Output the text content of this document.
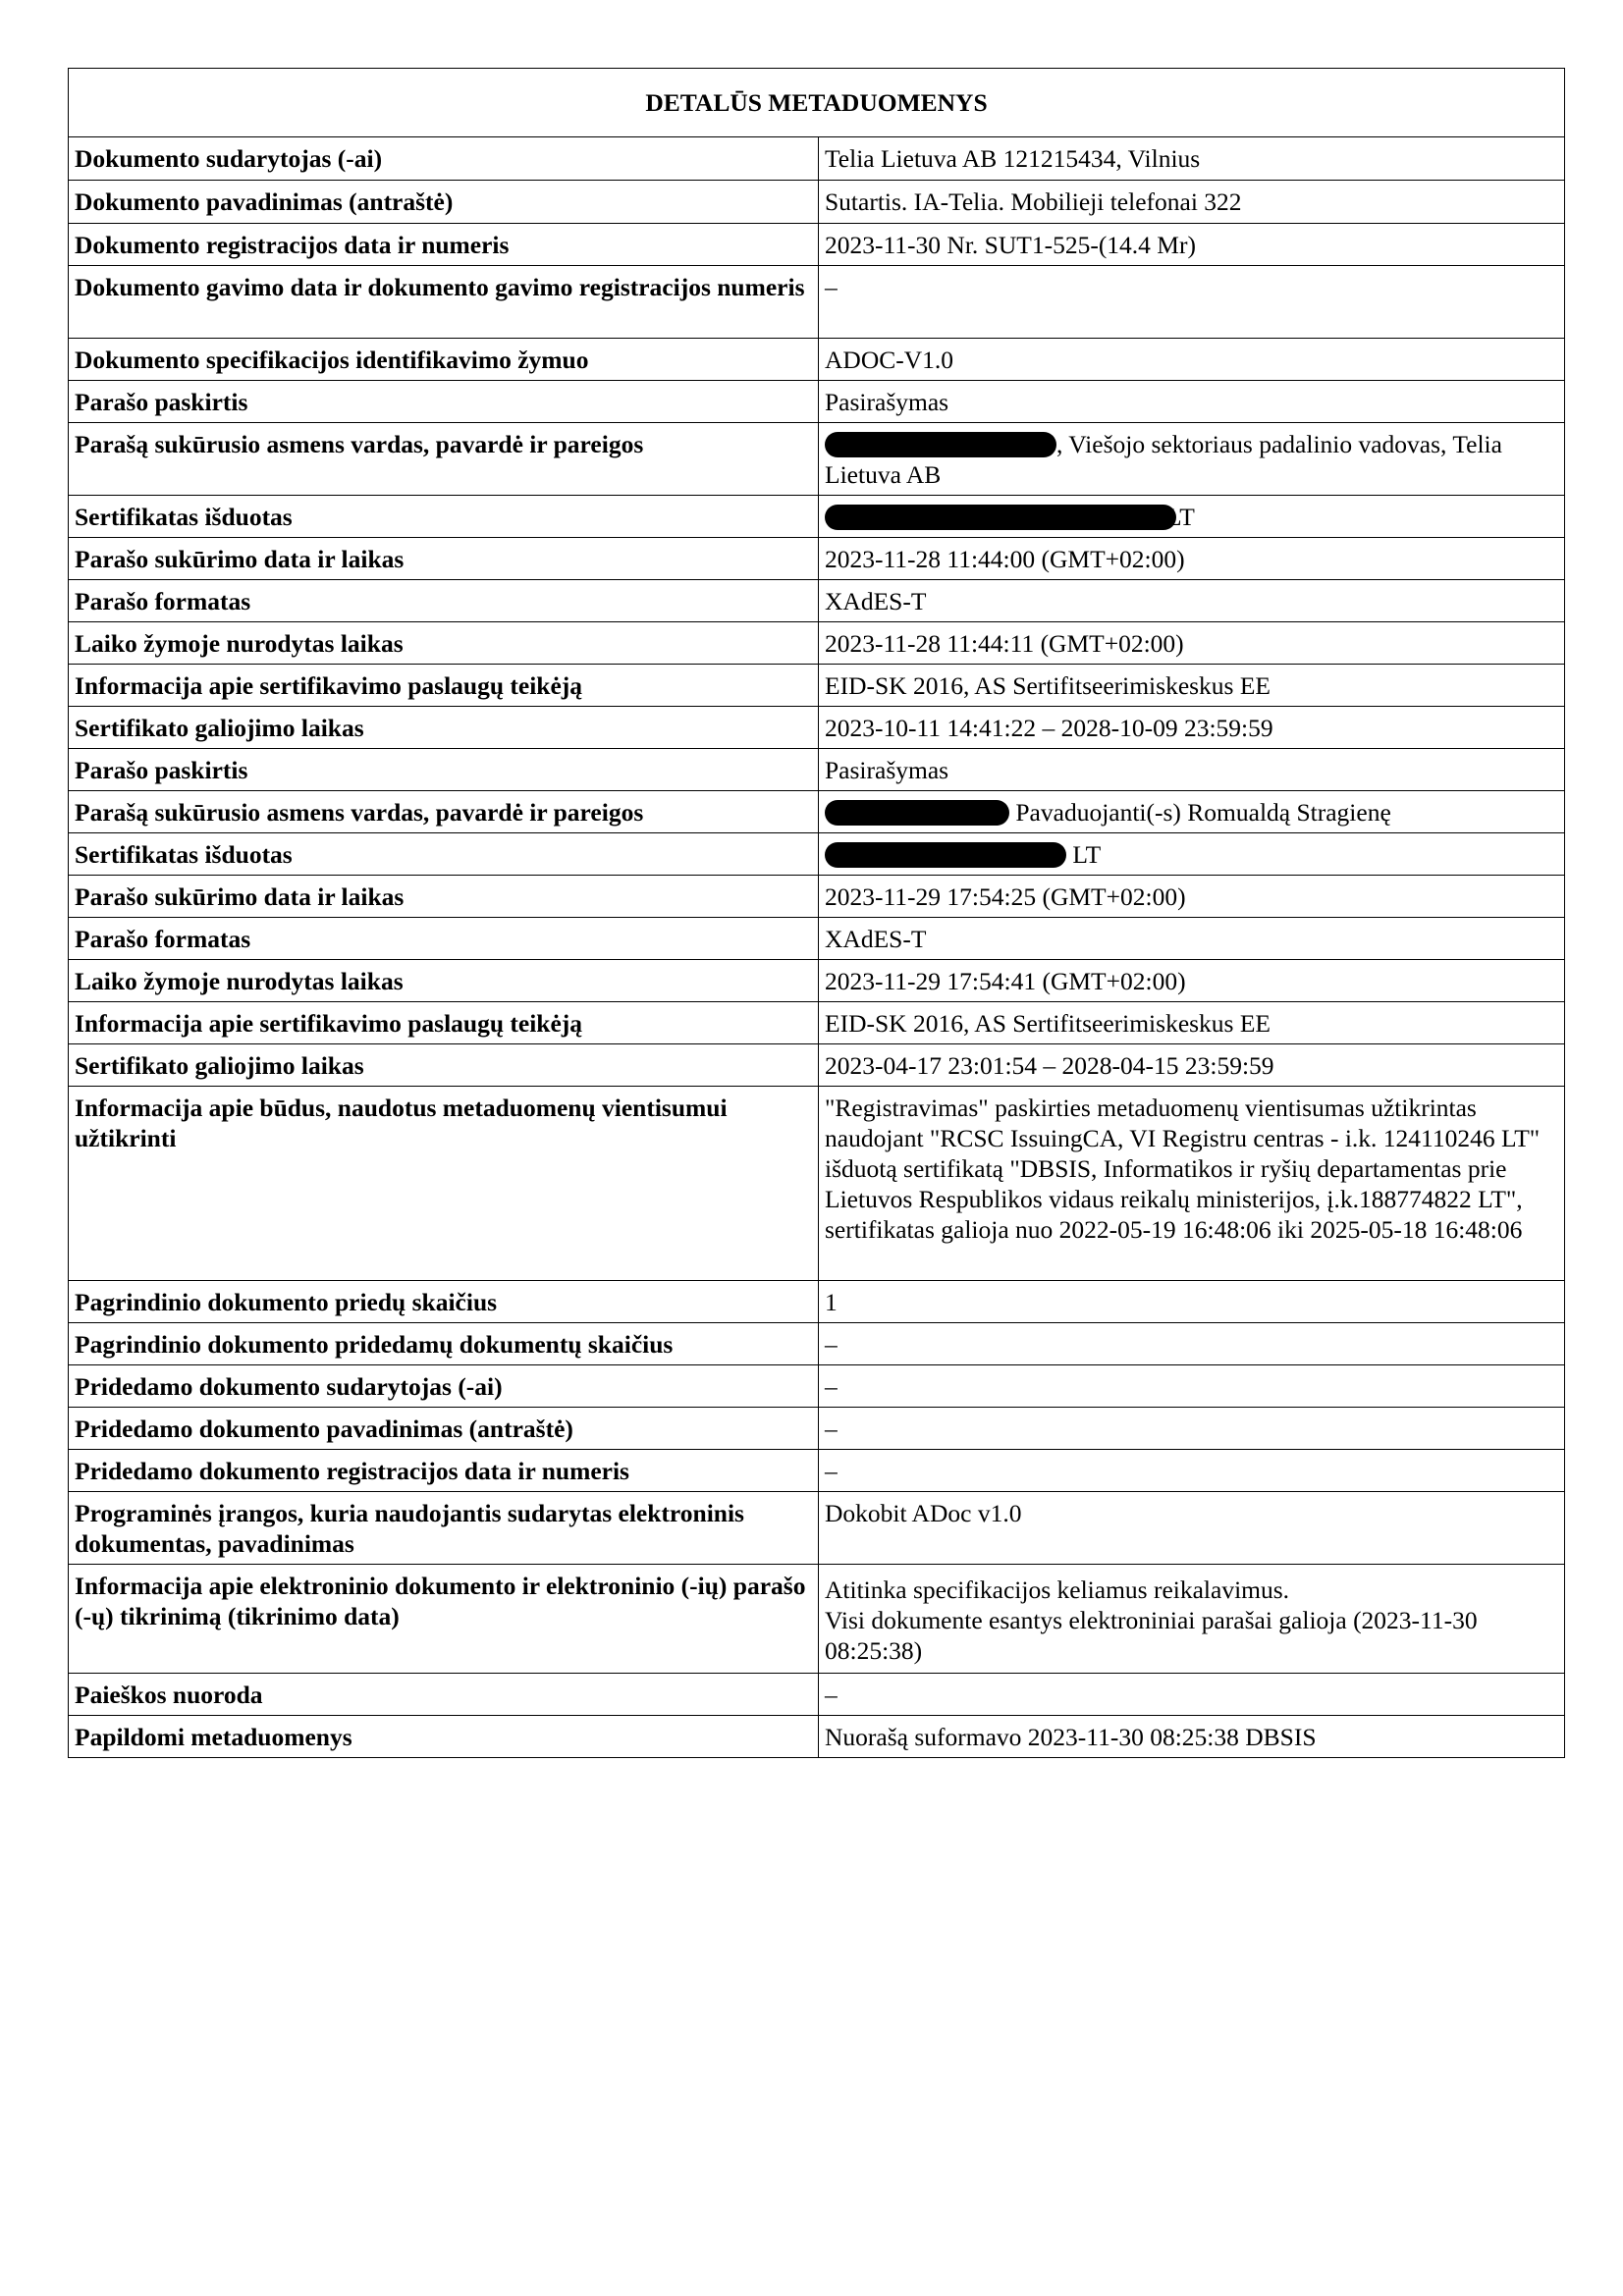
DETALŪS METADUOMENYS	
Dokumento sudarytojas (-ai)	Telia Lietuva AB 121215434, Vilnius
Dokumento pavadinimas (antraštė)	Sutartis. IA-Telia. Mobilieji telefonai 322
Dokumento registracijos data ir numeris	2023-11-30 Nr. SUT1-525-(14.4 Mr)
Dokumento gavimo data ir dokumento gavimo registracijos numeris	–
Dokumento specifikacijos identifikavimo žymuo	ADOC-V1.0
Parašo paskirtis	Pasirašymas
Parašą sukūrusio asmens vardas, pavardė ir pareigos	, Viešojo sektoriaus padalinio vadovas, Telia Lietuva AB
Sertifikatas išduotas	LT
Parašo sukūrimo data ir laikas	2023-11-28 11:44:00 (GMT+02:00)
Parašo formatas	XAdES-T
Laiko žymoje nurodytas laikas	2023-11-28 11:44:11 (GMT+02:00)
Informacija apie sertifikavimo paslaugų teikėją	EID-SK 2016, AS Sertifitseerimiskeskus EE
Sertifikato galiojimo laikas	2023-10-11 14:41:22 – 2028-10-09 23:59:59
Parašo paskirtis	Pasirašymas
Parašą sukūrusio asmens vardas, pavardė ir pareigos	Pavaduojanti(-s) Romualdą Stragienę
Sertifikatas išduotas	LT
Parašo sukūrimo data ir laikas	2023-11-29 17:54:25 (GMT+02:00)
Parašo formatas	XAdES-T
Laiko žymoje nurodytas laikas	2023-11-29 17:54:41 (GMT+02:00)
Informacija apie sertifikavimo paslaugų teikėją	EID-SK 2016, AS Sertifitseerimiskeskus EE
Sertifikato galiojimo laikas	2023-04-17 23:01:54 – 2028-04-15 23:59:59
Informacija apie būdus, naudotus metaduomenų vientisumui užtikrinti	"Registravimas" paskirties metaduomenų vientisumas užtikrintas naudojant "RCSC IssuingCA, VI Registru centras - i.k. 124110246 LT" išduotą sertifikatą "DBSIS, Informatikos ir ryšių departamentas prie Lietuvos Respublikos vidaus reikalų ministerijos, į.k.188774822 LT", sertifikatas galioja nuo 2022-05-19 16:48:06 iki 2025-05-18 16:48:06
Pagrindinio dokumento priedų skaičius	1
Pagrindinio dokumento pridedamų dokumentų skaičius	–
Pridedamo dokumento sudarytojas (-ai)	–
Pridedamo dokumento pavadinimas (antraštė)	–
Pridedamo dokumento registracijos data ir numeris	–
Programinės įrangos, kuria naudojantis sudarytas elektroninis dokumentas, pavadinimas	Dokobit ADoc v1.0
Informacija apie elektroninio dokumento ir elektroninio (-ių) parašo (-ų) tikrinimą (tikrinimo data)	Atitinka specifikacijos keliamus reikalavimus.
Visi dokumente esantys elektroniniai parašai galioja (2023-11-30 08:25:38)

Paieškos nuoroda	–
Papildomi metaduomenys	Nuorašą suformavo 2023-11-30 08:25:38 DBSIS
